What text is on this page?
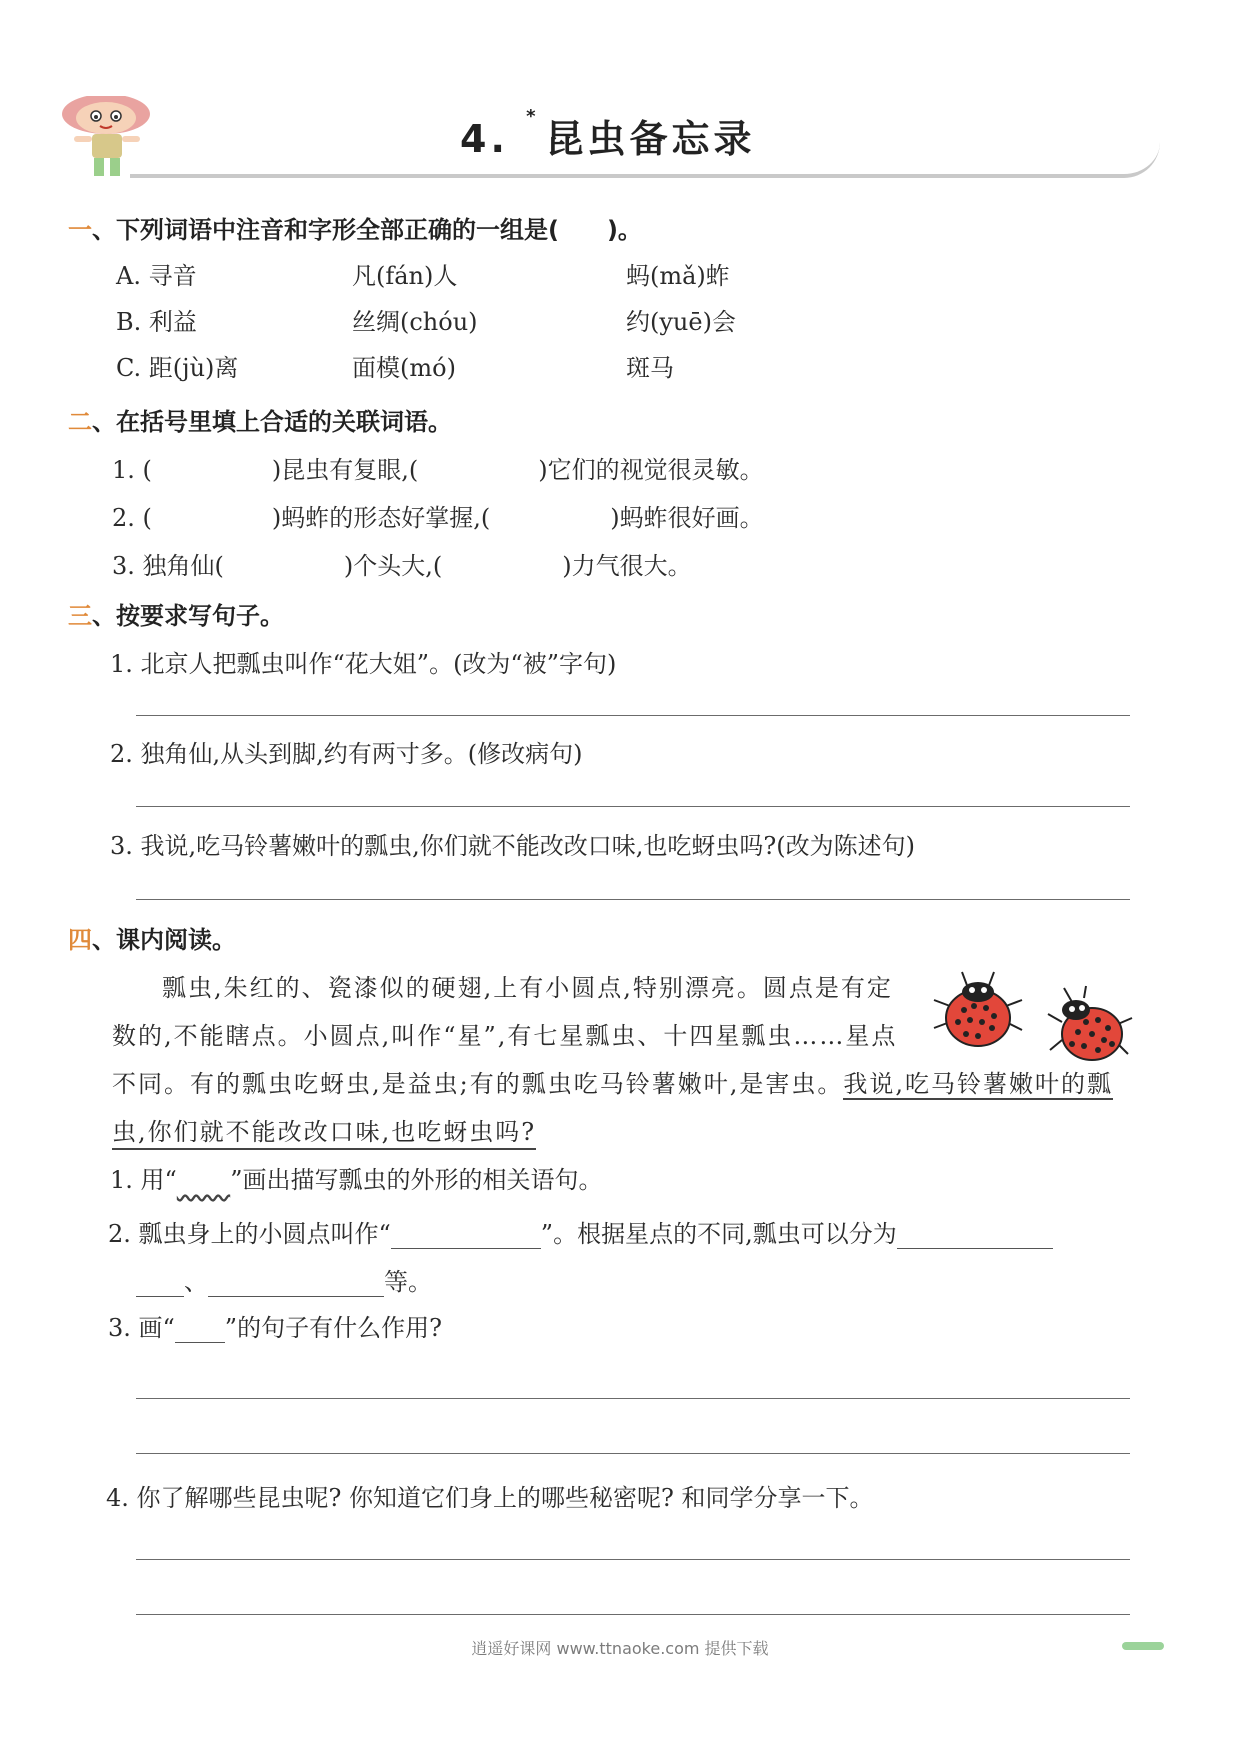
4. *昆虫备忘录
一、下列词语中注音和字形全部正确的一组是(　　)。
A. 寻音	凡(fán)人	蚂(mǎ)蚱
B. 利益	丝绸(chóu)	约(yuē)会
C. 距(jù)离	面模(mó)	斑马
二、在括号里填上合适的关联词语。
1. (　　　　　)昆虫有复眼,(　　　　　)它们的视觉很灵敏。
2. (　　　　　)蚂蚱的形态好掌握,(　　　　　)蚂蚱很好画。
3. 独角仙(　　　　　)个头大,(　　　　　)力气很大。
三、按要求写句子。
1. 北京人把瓢虫叫作“花大姐”。(改为“被”字句)
2. 独角仙,从头到脚,约有两寸多。(修改病句)
3. 我说,吃马铃薯嫩叶的瓢虫,你们就不能改改口味,也吃蚜虫吗?(改为陈述句)
四、课内阅读。
瓢虫,朱红的、瓷漆似的硬翅,上有小圆点,特别漂亮。圆点是有定
数的,不能瞎点。小圆点,叫作“星”,有七星瓢虫、十四星瓢虫……星点
不同。有的瓢虫吃蚜虫,是益虫;有的瓢虫吃马铃薯嫩叶,是害虫。我说,吃马铃薯嫩叶的瓢
虫,你们就不能改改口味,也吃蚜虫吗?
1. 用“ ”画出描写瓢虫的外形的相关语句。
2. 瓢虫身上的小圆点叫作“	”。根据星点的不同,瓢虫可以分为
、	等。
3. 画“ ”的句子有什么作用?
4. 你了解哪些昆虫呢? 你知道它们身上的哪些秘密呢? 和同学分享一下。
逍遥好课网 www.ttnaoke.com 提供下载
